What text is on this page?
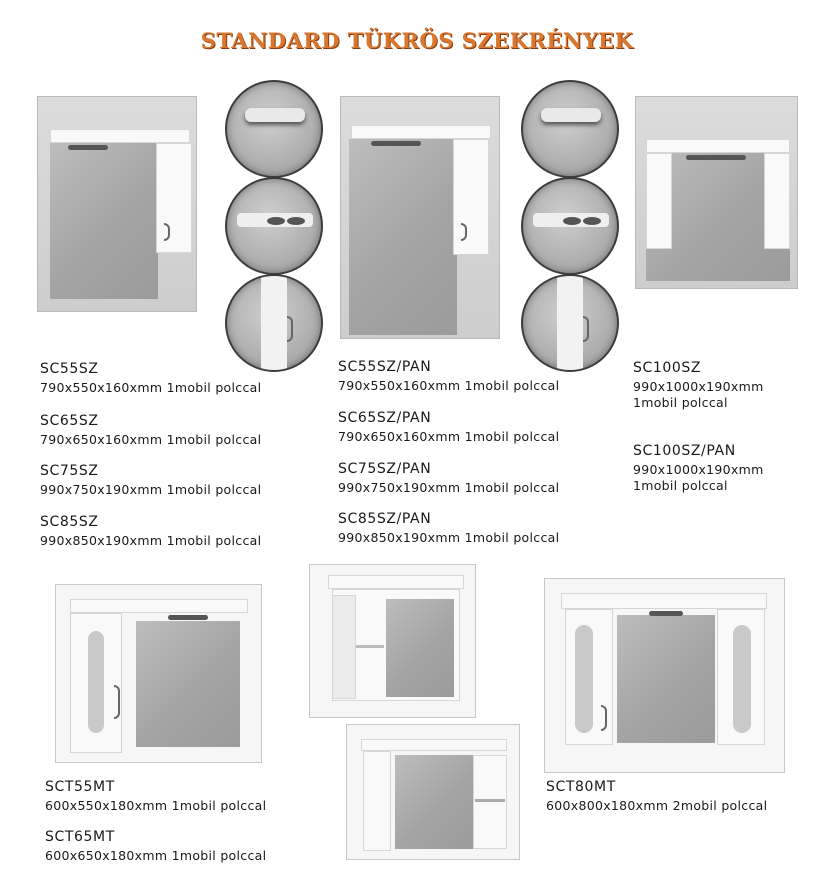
STANDARD TÜKRÖS SZEKRÉNYEK
SC55SZ
790x550x160xmm 1mobil polccal
SC65SZ
790x650x160xmm 1mobil polccal
SC75SZ
990x750x190xmm 1mobil polccal
SC85SZ
990x850x190xmm 1mobil polccal
SC55SZ/PAN
790x550x160xmm 1mobil polccal
SC65SZ/PAN
790x650x160xmm 1mobil polccal
SC75SZ/PAN
990x750x190xmm 1mobil polccal
SC85SZ/PAN
990x850x190xmm 1mobil polccal
SC100SZ
990x1000x190xmm
1mobil polccal
SC100SZ/PAN
990x1000x190xmm
1mobil polccal
SCT55MT
600x550x180xmm 1mobil polccal
SCT65MT
600x650x180xmm 1mobil polccal
SCT80MT
600x800x180xmm 2mobil polccal
